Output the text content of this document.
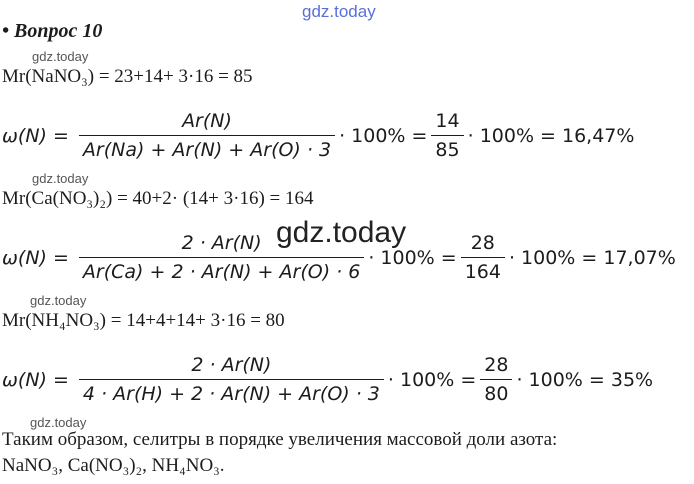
gdz.today
gdz.today
gdz.today
gdz.today
gdz.today
gdz.today
• Вопрос 10
Mr(NaNO₃) = 23+14+ 3·16 = 85
$\omega(N) = \frac{Ar(N)}{Ar(Na) + Ar(N) + Ar(O) \cdot 3} \cdot 100\% = \frac{14}{85} \cdot 100\% = 16,47\%$
Mr(Ca(NO₃)₂) = 40+2· (14+ 3·16) = 164
$\omega(N) = \frac{2 \cdot Ar(N)}{Ar(Ca) + 2 \cdot Ar(N) + Ar(O) \cdot 6} \cdot 100\% = \frac{28}{164} \cdot 100\% = 17,07\%$
Mr(NH₄NO₃) = 14+4+14+ 3·16 = 80
$\omega(N) = \frac{2 \cdot Ar(N)}{4 \cdot Ar(H) + 2 \cdot Ar(N) + Ar(O) \cdot 3} \cdot 100\% = \frac{28}{80} \cdot 100\% = 35\%$
Таким образом, селитры в порядке увеличения массовой доли азота:
NaNO₃, Ca(NO₃)₂, NH₄NO₃.
